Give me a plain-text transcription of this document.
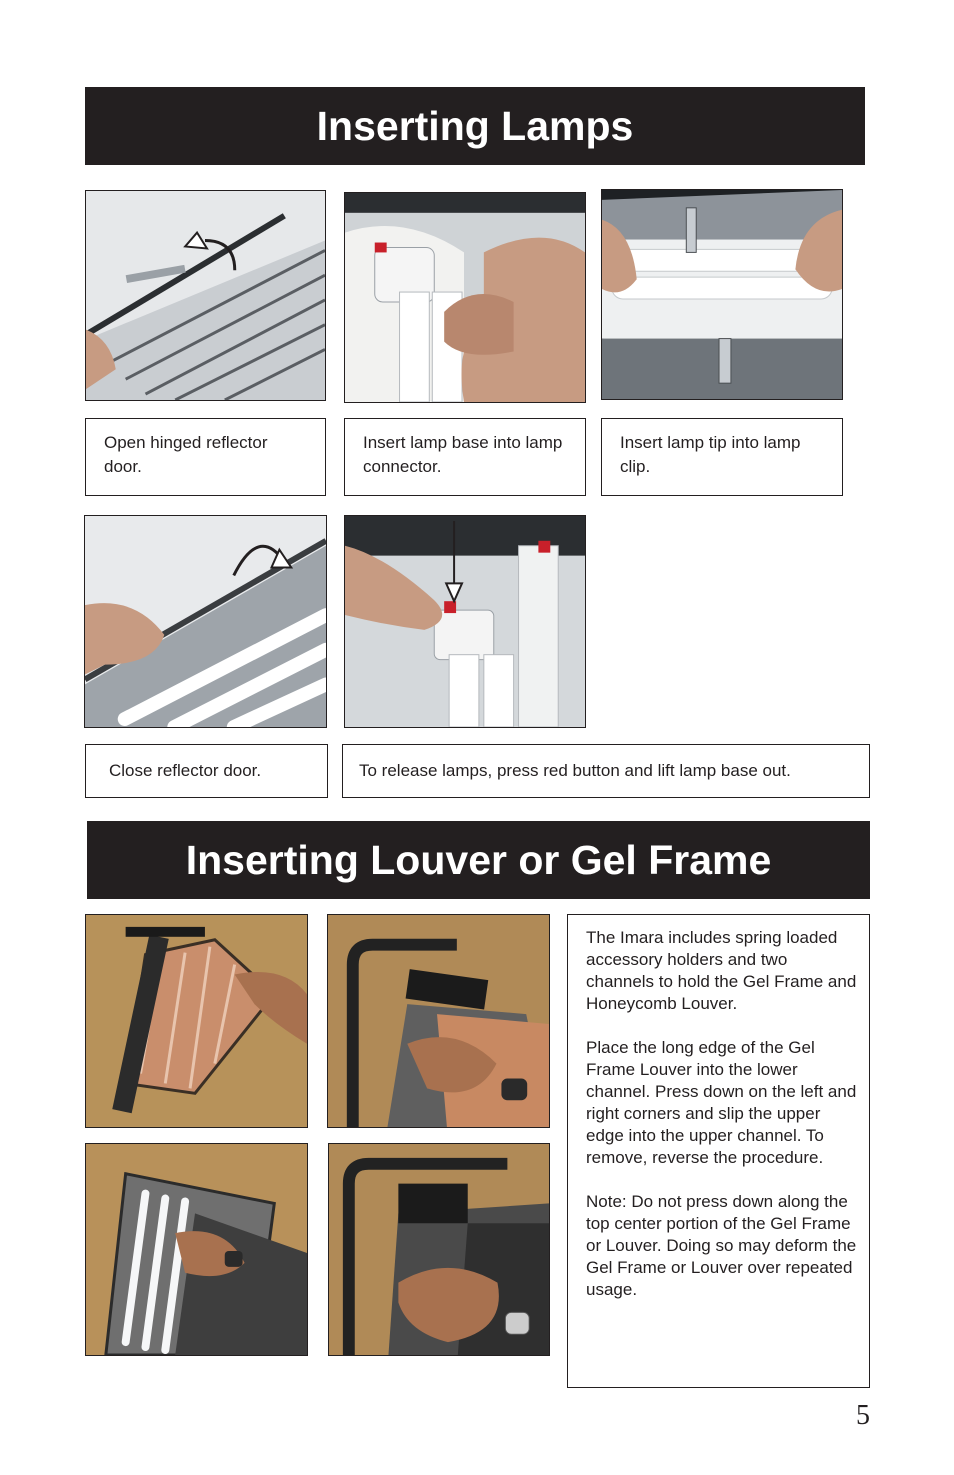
Inserting Lamps
Inserting Louver or Gel Frame
Open hinged reflector door.
Insert lamp base into lamp connector.
Insert lamp tip into lamp clip.
Close reflector door.	To release lamps, press red button and lift lamp base out.

The Imara includes spring loaded accessory holders and two channels to hold the Gel Frame and Honeycomb Louver.

Place the long edge of the Gel Frame Louver into the lower channel. Press down on the left and right corners and slip the upper edge into the upper channel. To remove, reverse the procedure.

Note: Do not press down along the top center portion of the Gel Frame or Louver. Doing so may deform the Gel Frame or Louver over repeated usage.

5
